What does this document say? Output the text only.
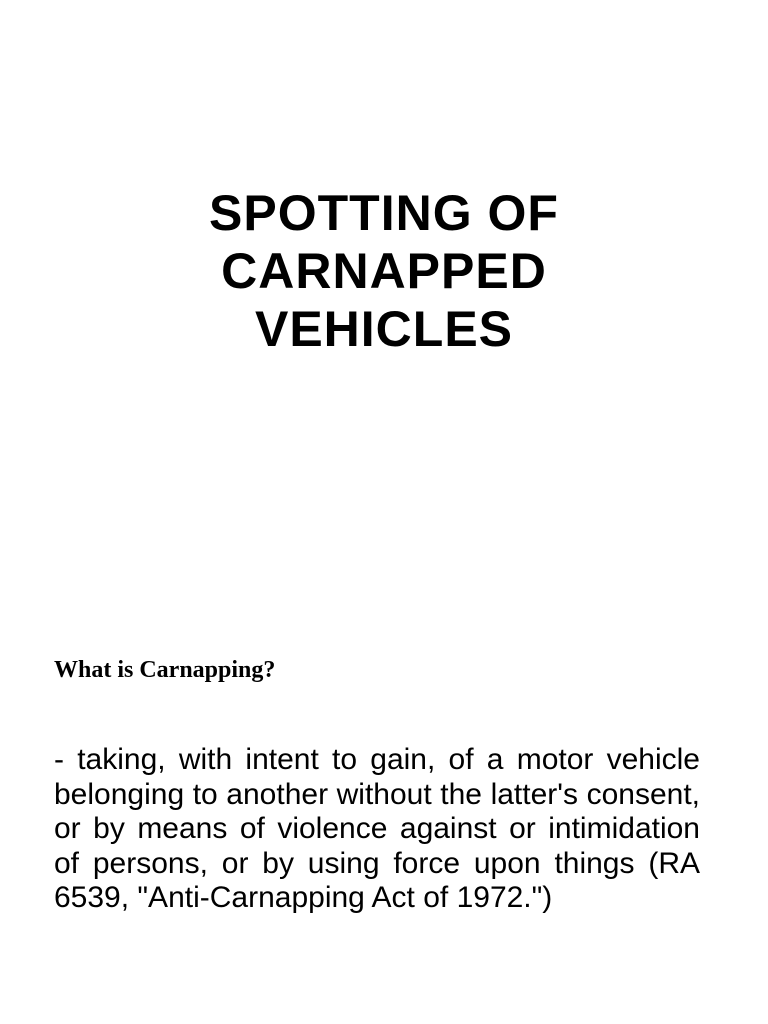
SPOTTING OF
CARNAPPED
VEHICLES

What is Carnapping?

- taking, with intent to gain, of a motor vehicle belonging to another without the latter's consent, or by means of violence against or intimidation of persons, or by using force upon things (RA 6539, "Anti-Carnapping Act of 1972.")
